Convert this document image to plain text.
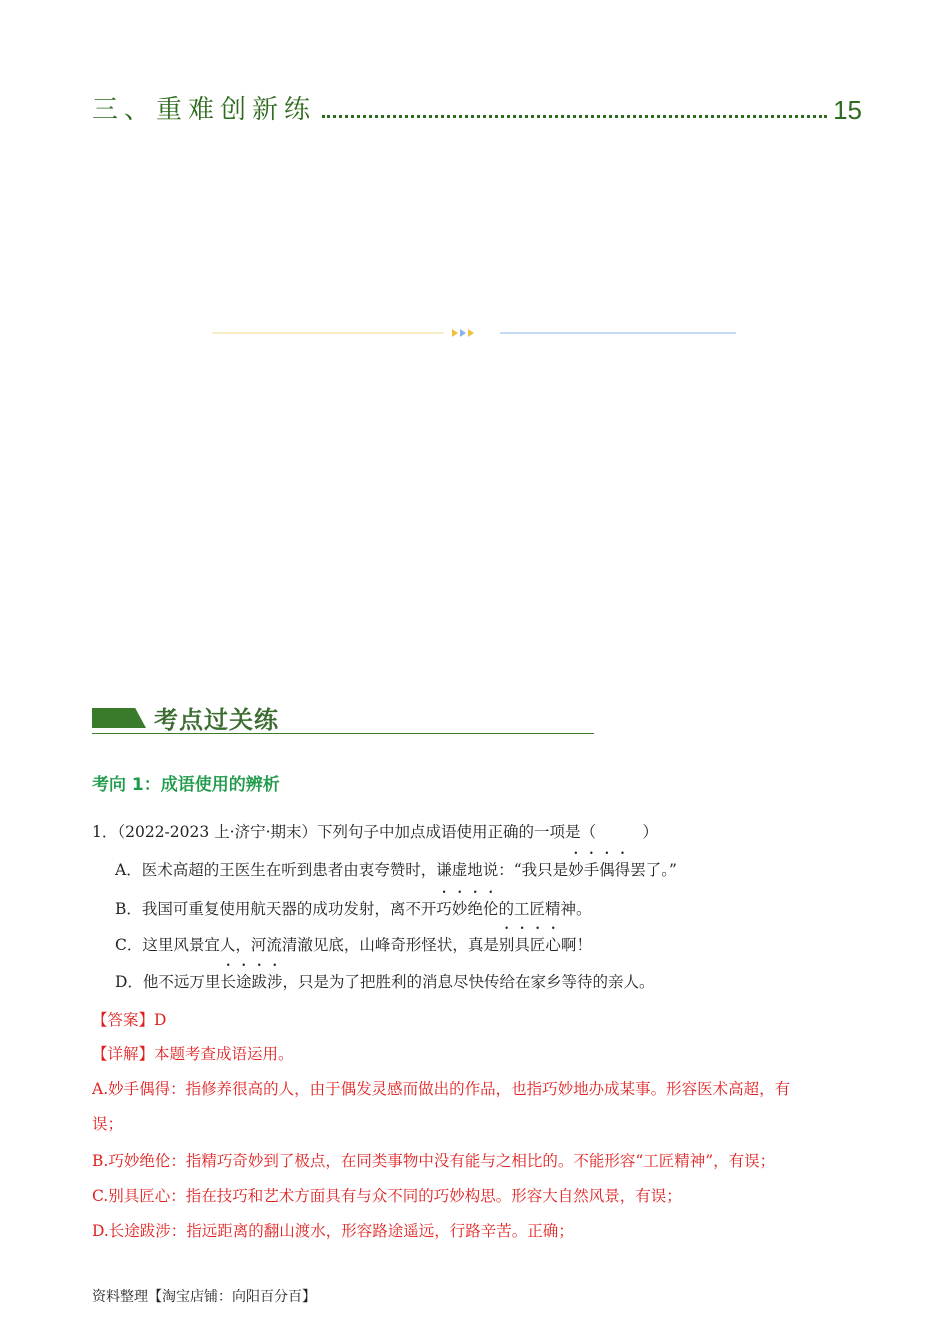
三、重难创新练	15
考点过关练
考向 1：成语使用的辨析
1．（2022-2023 上·济宁·期末）下列句子中加点成语使用正确的一项是（　　　）
A．医术高超的王医生在听到患者由衷夸赞时，谦虚地说：“我只是妙手偶得罢了。”
B．我国可重复使用航天器的成功发射，离不开巧妙绝伦的工匠精神。
C．这里风景宜人，河流清澈见底，山峰奇形怪状，真是别具匠心啊！
D．他不远万里长途跋涉，只是为了把胜利的消息尽快传给在家乡等待的亲人。
【答案】D
【详解】本题考查成语运用。
A.妙手偶得：指修养很高的人，由于偶发灵感而做出的作品，也指巧妙地办成某事。形容医术高超，有
误；
B.巧妙绝伦：指精巧奇妙到了极点，在同类事物中没有能与之相比的。不能形容“工匠精神”，有误；
C.别具匠心：指在技巧和艺术方面具有与众不同的巧妙构思。形容大自然风景，有误；
D.长途跋涉：指远距离的翻山渡水，形容路途遥远，行路辛苦。正确；
资料整理【淘宝店铺：向阳百分百】
